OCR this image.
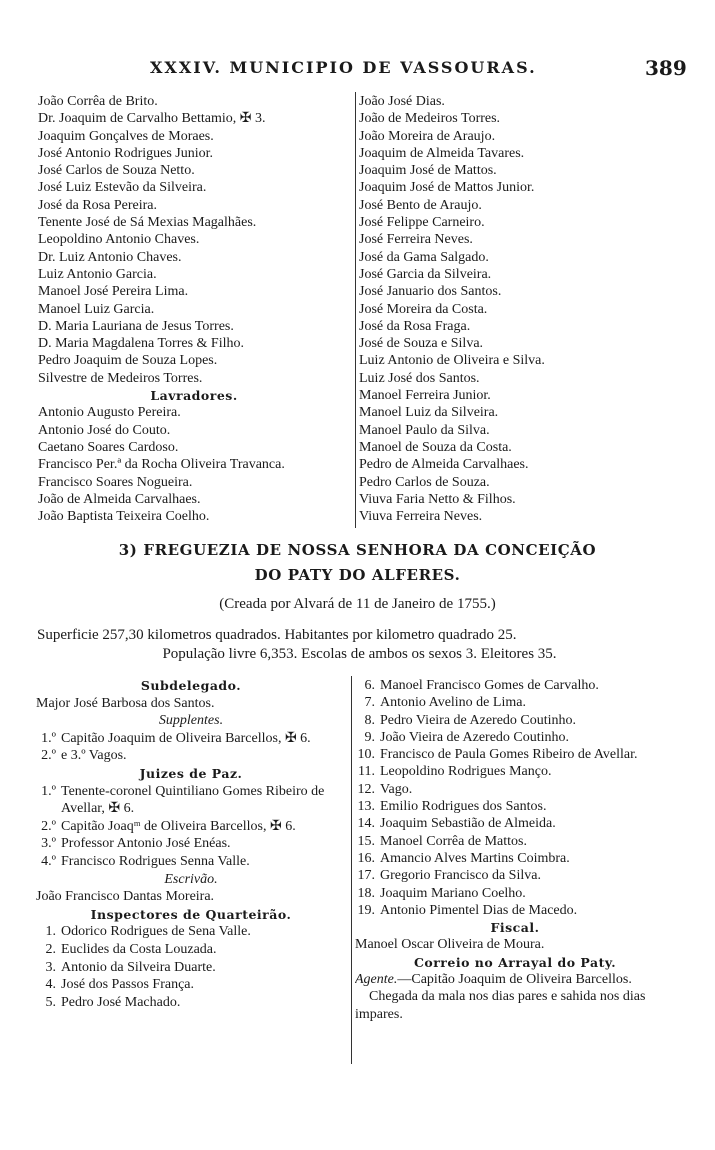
XXXIV. MUNICIPIO DE VASSOURAS.	389
João Corrêa de Brito.
Dr. Joaquim de Carvalho Bettamio, ✠ 3.
Joaquim Gonçalves de Moraes.
José Antonio Rodrigues Junior.
José Carlos de Souza Netto.
José Luiz Estevão da Silveira.
José da Rosa Pereira.
Tenente José de Sá Mexias Magalhães.
Leopoldino Antonio Chaves.
Dr. Luiz Antonio Chaves.
Luiz Antonio Garcia.
Manoel José Pereira Lima.
Manoel Luiz Garcia.
D. Maria Lauriana de Jesus Torres.
D. Maria Magdalena Torres & Filho.
Pedro Joaquim de Souza Lopes.
Silvestre de Medeiros Torres.
Lavradores.
Antonio Augusto Pereira.
Antonio José do Couto.
Caetano Soares Cardoso.
Francisco Per.ª da Rocha Oliveira Travanca.
Francisco Soares Nogueira.
João de Almeida Carvalhaes.
João Baptista Teixeira Coelho.
João José Dias.
João de Medeiros Torres.
João Moreira de Araujo.
Joaquim de Almeida Tavares.
Joaquim José de Mattos.
Joaquim José de Mattos Junior.
José Bento de Araujo.
José Felippe Carneiro.
José Ferreira Neves.
José da Gama Salgado.
José Garcia da Silveira.
José Januario dos Santos.
José Moreira da Costa.
José da Rosa Fraga.
José de Souza e Silva.
Luiz Antonio de Oliveira e Silva.
Luiz José dos Santos.
Manoel Ferreira Junior.
Manoel Luiz da Silveira.
Manoel Paulo da Silva.
Manoel de Souza da Costa.
Pedro de Almeida Carvalhaes.
Pedro Carlos de Souza.
Viuva Faria Netto & Filhos.
Viuva Ferreira Neves.
3) FREGUEZIA DE NOSSA SENHORA DA CONCEIÇÃO
DO PATY DO ALFERES.
(Creada por Alvará de 11 de Janeiro de 1755.)
Superficie 257,30 kilometros quadrados. Habitantes por kilometro quadrado 25.
População livre 6,353. Escolas de ambos os sexos 3. Eleitores 35.
Subdelegado.
Major José Barbosa dos Santos.
Supplentes.
1.º Capitão Joaquim de Oliveira Barcellos, ✠ 6.
2.º e 3.º Vagos.
Juizes de Paz.
1.º Tenente-coronel Quintiliano Gomes Ribeiro de Avellar, ✠ 6.
2.º Capitão Joaqᵐ de Oliveira Barcellos, ✠ 6.
3.º Professor Antonio José Enéas.
4.º Francisco Rodrigues Senna Valle.
Escrivão.
João Francisco Dantas Moreira.
Inspectores de Quarteirão.
1. Odorico Rodrigues de Sena Valle.
2. Euclides da Costa Louzada.
3. Antonio da Silveira Duarte.
4. José dos Passos França.
5. Pedro José Machado.
6. Manoel Francisco Gomes de Carvalho.
7. Antonio Avelino de Lima.
8. Pedro Vieira de Azeredo Coutinho.
9. João Vieira de Azeredo Coutinho.
10. Francisco de Paula Gomes Ribeiro de Avellar.
11. Leopoldino Rodrigues Manço.
12. Vago.
13. Emilio Rodrigues dos Santos.
14. Joaquim Sebastião de Almeida.
15. Manoel Corrêa de Mattos.
16. Amancio Alves Martins Coimbra.
17. Gregorio Francisco da Silva.
18. Joaquim Mariano Coelho.
19. Antonio Pimentel Dias de Macedo.
Fiscal.
Manoel Oscar Oliveira de Moura.
Correio no Arrayal do Paty.
Agente.—Capitão Joaquim de Oliveira Barcellos.
Chegada da mala nos dias pares e sahida nos dias impares.
